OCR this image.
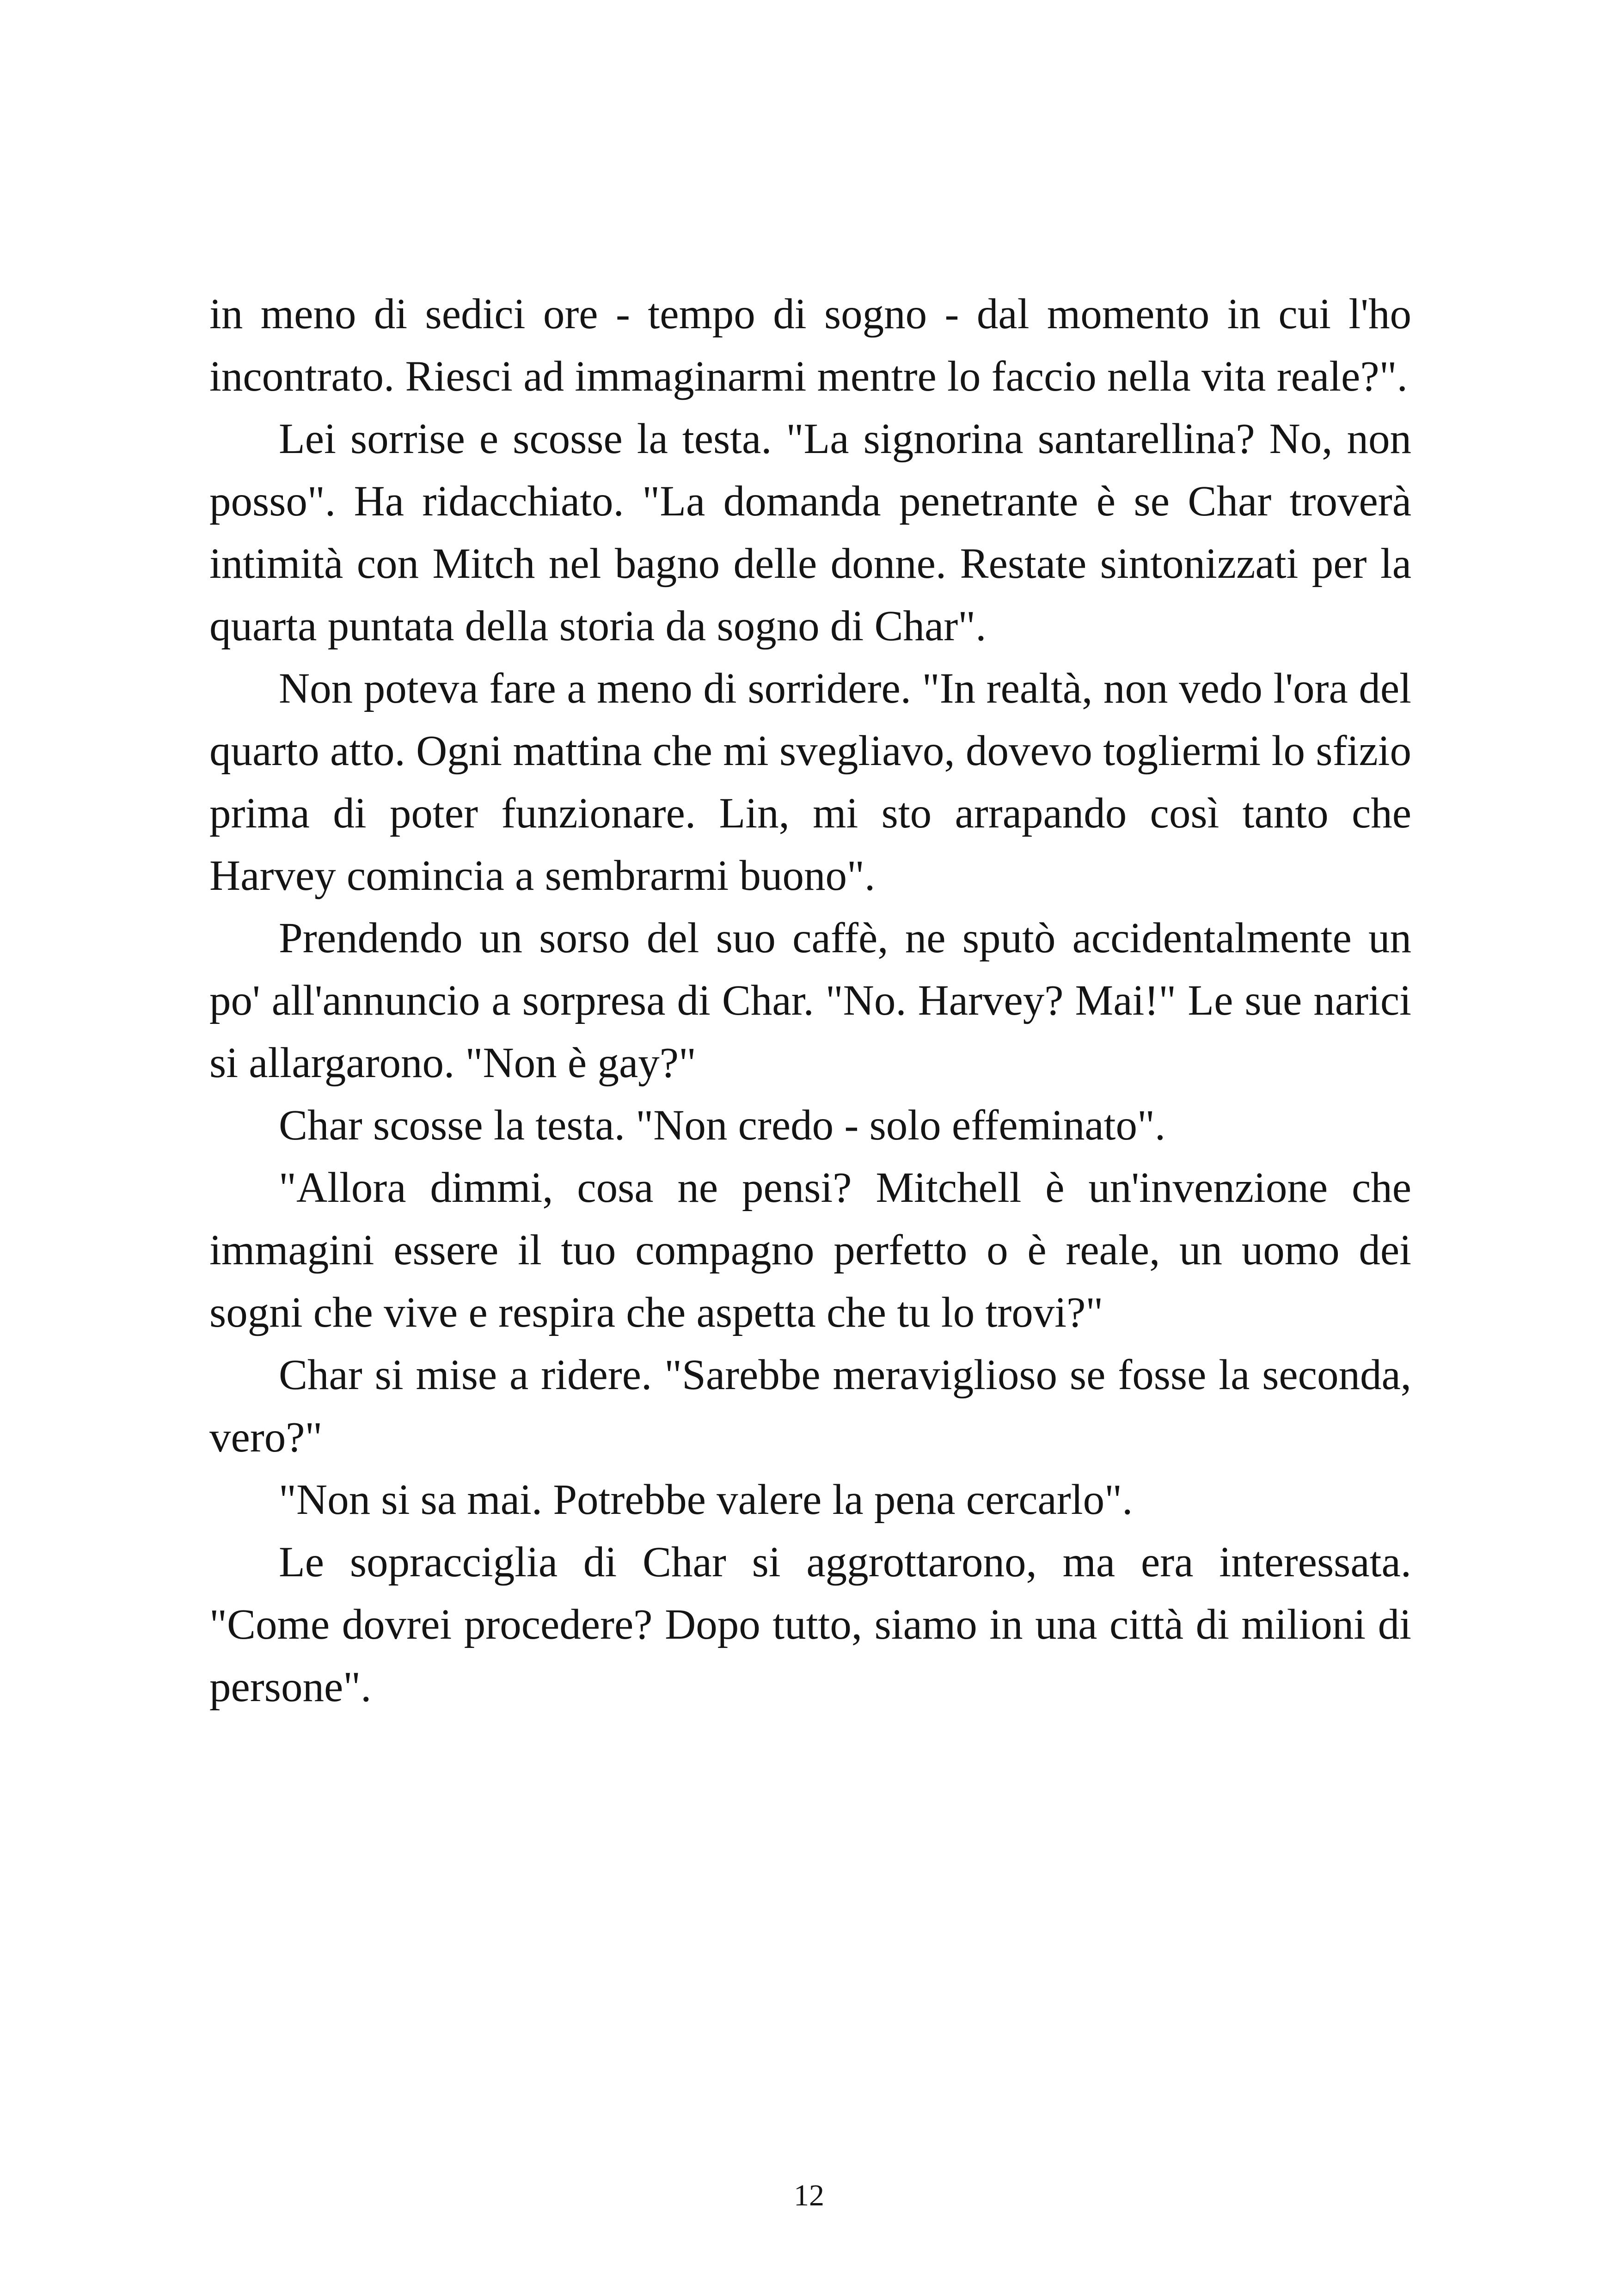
in meno di sedici ore - tempo di sogno - dal momento in cui l'ho incontrato. Riesci ad immaginarmi mentre lo faccio nella vita reale?".

Lei sorrise e scosse la testa. "La signorina santarellina? No, non posso". Ha ridacchiato. "La domanda penetrante è se Char troverà intimità con Mitch nel bagno delle donne. Restate sintonizzati per la quarta puntata della storia da sogno di Char".

Non poteva fare a meno di sorridere. "In realtà, non vedo l'ora del quarto atto. Ogni mattina che mi svegliavo, dovevo togliermi lo sfizio prima di poter funzionare. Lin, mi sto arrapando così tanto che Harvey comincia a sembrarmi buono".

Prendendo un sorso del suo caffè, ne sputò accidentalmente un po' all'annuncio a sorpresa di Char. "No. Harvey? Mai!" Le sue narici si allargarono. "Non è gay?"

Char scosse la testa. "Non credo - solo effeminato".

"Allora dimmi, cosa ne pensi? Mitchell è un'invenzione che immagini essere il tuo compagno perfetto o è reale, un uomo dei sogni che vive e respira che aspetta che tu lo trovi?"

Char si mise a ridere. "Sarebbe meraviglioso se fosse la seconda, vero?"

"Non si sa mai. Potrebbe valere la pena cercarlo".

Le sopracciglia di Char si aggrottarono, ma era interessata. "Come dovrei procedere? Dopo tutto, siamo in una città di milioni di persone".

12
